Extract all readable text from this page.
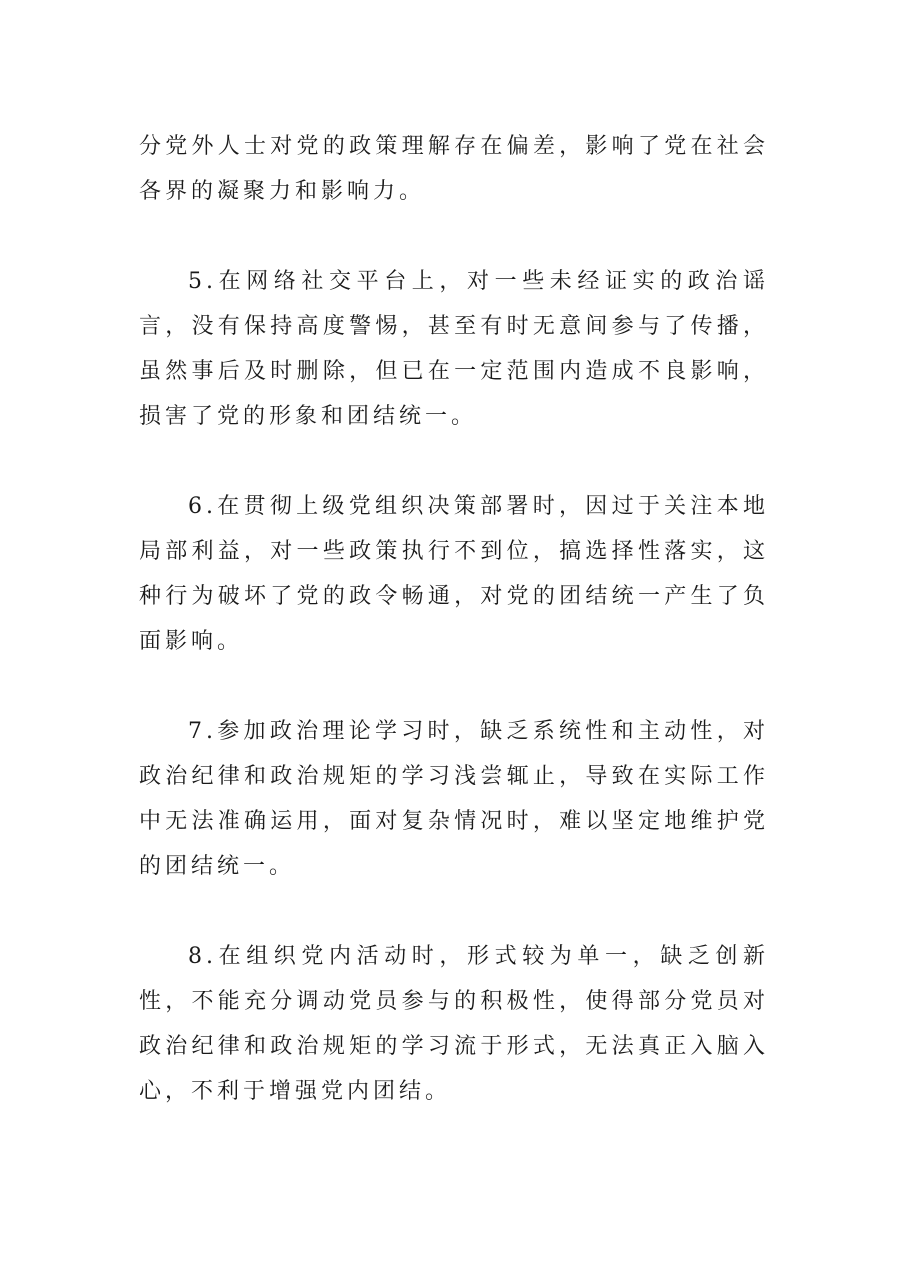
分党外人士对党的政策理解存在偏差，影响了党在社会各界的凝聚力和影响力。

5.在网络社交平台上，对一些未经证实的政治谣言，没有保持高度警惕，甚至有时无意间参与了传播，虽然事后及时删除，但已在一定范围内造成不良影响，损害了党的形象和团结统一。

6.在贯彻上级党组织决策部署时，因过于关注本地局部利益，对一些政策执行不到位，搞选择性落实，这种行为破坏了党的政令畅通，对党的团结统一产生了负面影响。

7.参加政治理论学习时，缺乏系统性和主动性，对政治纪律和政治规矩的学习浅尝辄止，导致在实际工作中无法准确运用，面对复杂情况时，难以坚定地维护党的团结统一。

8.在组织党内活动时，形式较为单一，缺乏创新性，不能充分调动党员参与的积极性，使得部分党员对政治纪律和政治规矩的学习流于形式，无法真正入脑入心，不利于增强党内团结。
